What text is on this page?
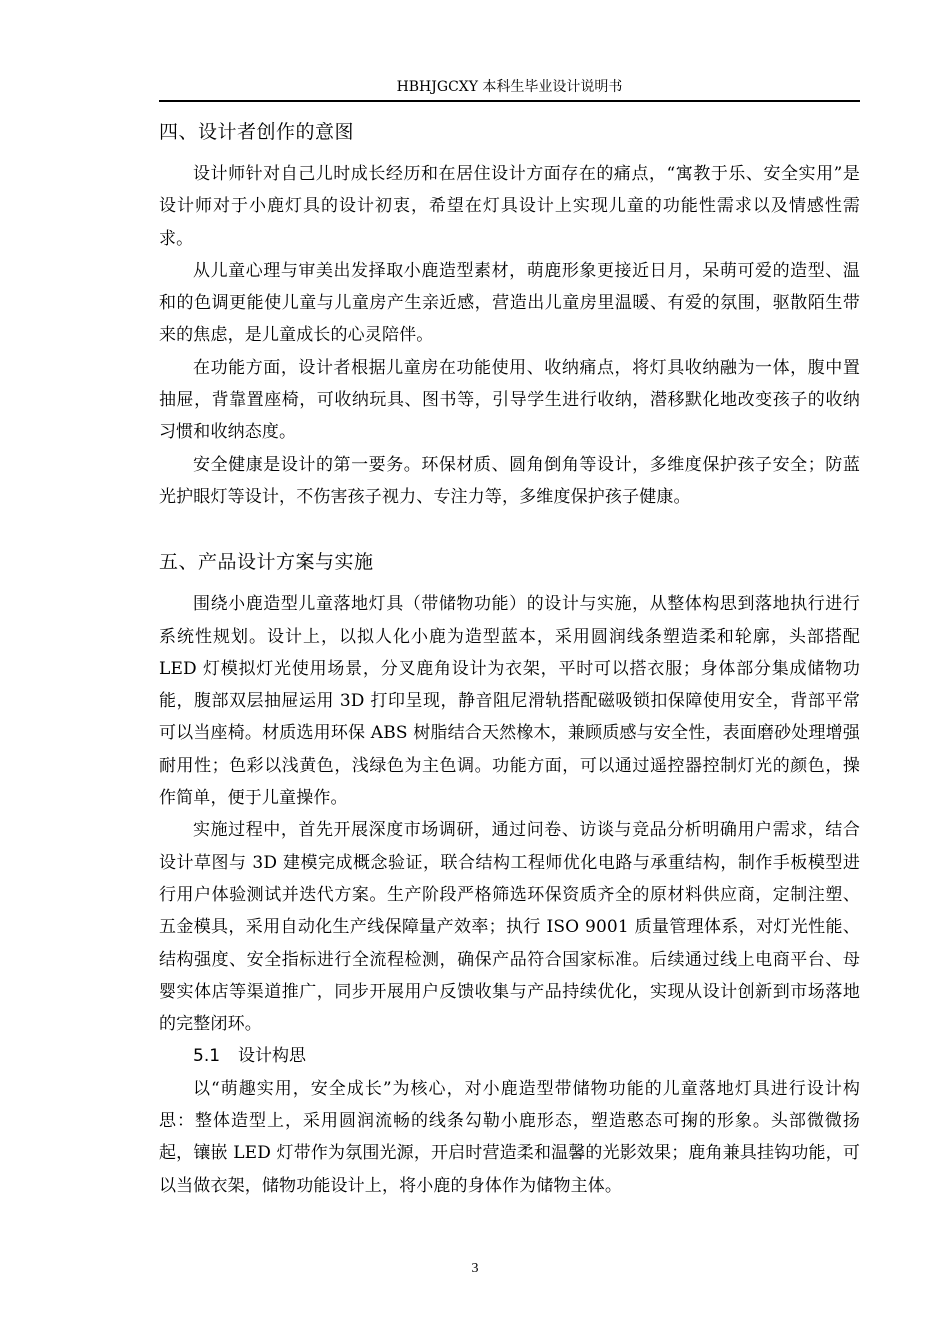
HBHJGCXY 本科生毕业设计说明书
四、设计者创作的意图

设计师针对自己儿时成长经历和在居住设计方面存在的痛点，“寓教于乐、安全实用”是设计师对于小鹿灯具的设计初衷，希望在灯具设计上实现儿童的功能性需求以及情感性需求。

从儿童心理与审美出发择取小鹿造型素材，萌鹿形象更接近日月，呆萌可爱的造型、温和的色调更能使儿童与儿童房产生亲近感，营造出儿童房里温暖、有爱的氛围，驱散陌生带来的焦虑，是儿童成长的心灵陪伴。

在功能方面，设计者根据儿童房在功能使用、收纳痛点，将灯具收纳融为一体，腹中置抽屉，背靠置座椅，可收纳玩具、图书等，引导学生进行收纳，潜移默化地改变孩子的收纳习惯和收纳态度。

安全健康是设计的第一要务。环保材质、圆角倒角等设计，多维度保护孩子安全；防蓝光护眼灯等设计，不伤害孩子视力、专注力等，多维度保护孩子健康。

五、产品设计方案与实施

围绕小鹿造型儿童落地灯具（带储物功能）的设计与实施，从整体构思到落地执行进行系统性规划。设计上，以拟人化小鹿为造型蓝本，采用圆润线条塑造柔和轮廓，头部搭配 LED 灯模拟灯光使用场景，分叉鹿角设计为衣架，平时可以搭衣服；身体部分集成储物功能，腹部双层抽屉运用 3D 打印呈现，静音阻尼滑轨搭配磁吸锁扣保障使用安全，背部平常可以当座椅。材质选用环保 ABS 树脂结合天然橡木，兼顾质感与安全性，表面磨砂处理增强耐用性；色彩以浅黄色，浅绿色为主色调。功能方面，可以通过遥控器控制灯光的颜色，操作简单，便于儿童操作。

实施过程中，首先开展深度市场调研，通过问卷、访谈与竞品分析明确用户需求，结合设计草图与 3D 建模完成概念验证，联合结构工程师优化电路与承重结构，制作手板模型进行用户体验测试并迭代方案。生产阶段严格筛选环保资质齐全的原材料供应商，定制注塑、五金模具，采用自动化生产线保障量产效率；执行 ISO 9001 质量管理体系，对灯光性能、结构强度、安全指标进行全流程检测，确保产品符合国家标准。后续通过线上电商平台、母婴实体店等渠道推广，同步开展用户反馈收集与产品持续优化，实现从设计创新到市场落地的完整闭环。

5.1 设计构思

以“萌趣实用，安全成长”为核心，对小鹿造型带储物功能的儿童落地灯具进行设计构思：整体造型上，采用圆润流畅的线条勾勒小鹿形态，塑造憨态可掬的形象。头部微微扬起，镶嵌 LED 灯带作为氛围光源，开启时营造柔和温馨的光影效果；鹿角兼具挂钩功能，可以当做衣架，储物功能设计上，将小鹿的身体作为储物主体。

3
